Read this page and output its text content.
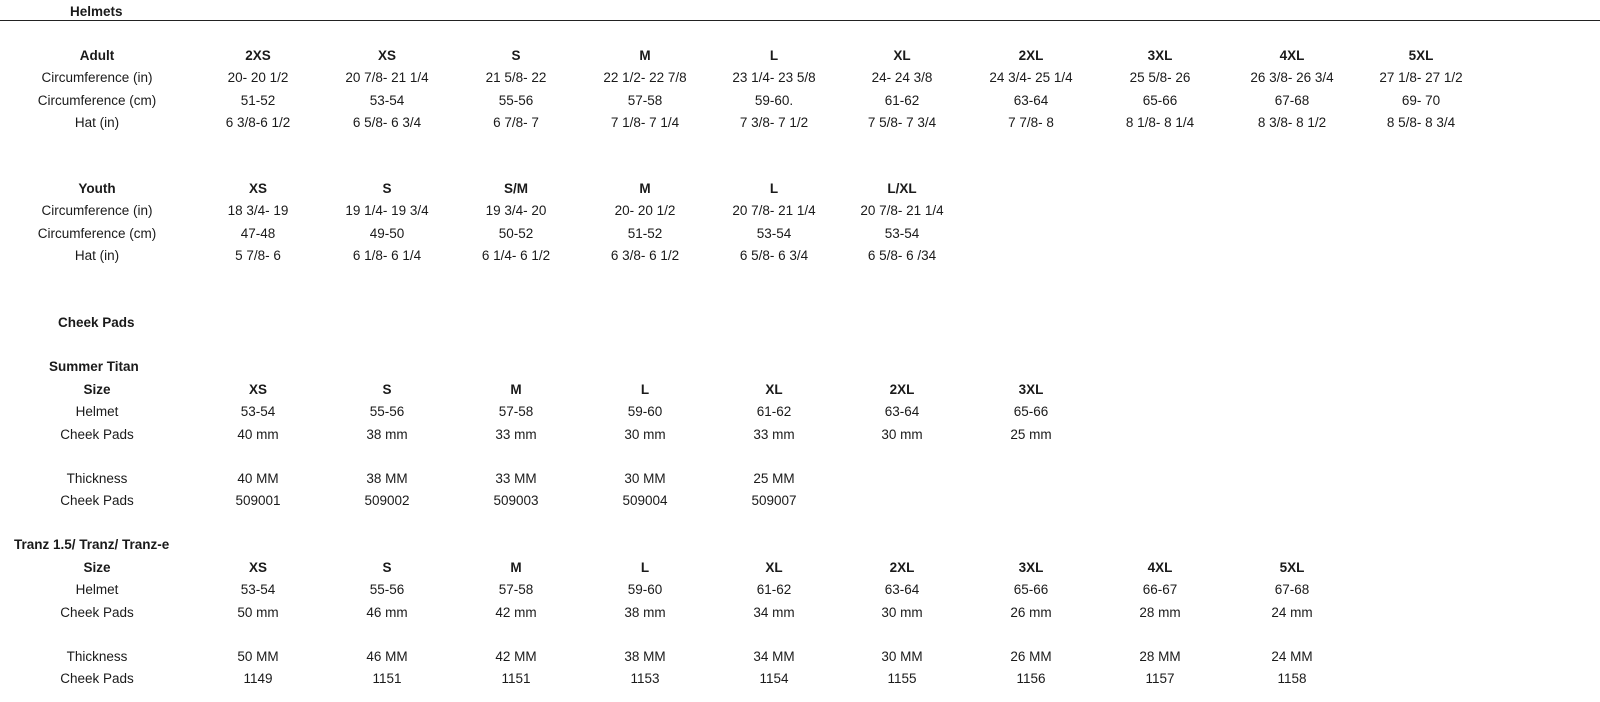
Helmets
Adult	2XS	XS	S	M	L	XL	2XL	3XL	4XL	5XL
Circumference (in)	20- 20 1/2	20 7/8- 21 1/4	21 5/8- 22	22 1/2- 22 7/8	23 1/4- 23 5/8	24- 24 3/8	24 3/4- 25 1/4	25 5/8- 26	26 3/8- 26 3/4	27 1/8- 27 1/2
Circumference (cm)	51-52	53-54	55-56	57-58	59-60.	61-62	63-64	65-66	67-68	69- 70
Hat (in)	6 3/8-6 1/2	6 5/8- 6 3/4	6 7/8- 7	7 1/8- 7 1/4	7 3/8- 7 1/2	7 5/8- 7 3/4	7 7/8- 8	8 1/8- 8 1/4	8 3/8- 8 1/2	8 5/8- 8 3/4
Youth	XS	S	S/M	M	L	L/XL
Circumference (in)	18 3/4- 19	19 1/4- 19 3/4	19 3/4- 20	20- 20 1/2	20 7/8- 21 1/4	20 7/8- 21 1/4
Circumference (cm)	47-48	49-50	50-52	51-52	53-54	53-54
Hat (in)	5 7/8- 6	6 1/8- 6 1/4	6 1/4- 6 1/2	6 3/8- 6 1/2	6 5/8- 6 3/4	6 5/8- 6 /34
Cheek Pads
Summer Titan
Size	XS	S	M	L	XL	2XL	3XL
Helmet	53-54	55-56	57-58	59-60	61-62	63-64	65-66
Cheek Pads	40 mm	38 mm	33 mm	30 mm	33 mm	30 mm	25 mm
Thickness	40 MM	38 MM	33 MM	30 MM	25 MM
Cheek Pads	509001	509002	509003	509004	509007
Tranz 1.5/ Tranz/ Tranz-e
Size	XS	S	M	L	XL	2XL	3XL	4XL	5XL
Helmet	53-54	55-56	57-58	59-60	61-62	63-64	65-66	66-67	67-68
Cheek Pads	50 mm	46 mm	42 mm	38 mm	34 mm	30 mm	26 mm	28 mm	24 mm
Thickness	50 MM	46 MM	42 MM	38 MM	34 MM	30 MM	26 MM	28 MM	24 MM
Cheek Pads	1149	1151	1151	1153	1154	1155	1156	1157	1158
